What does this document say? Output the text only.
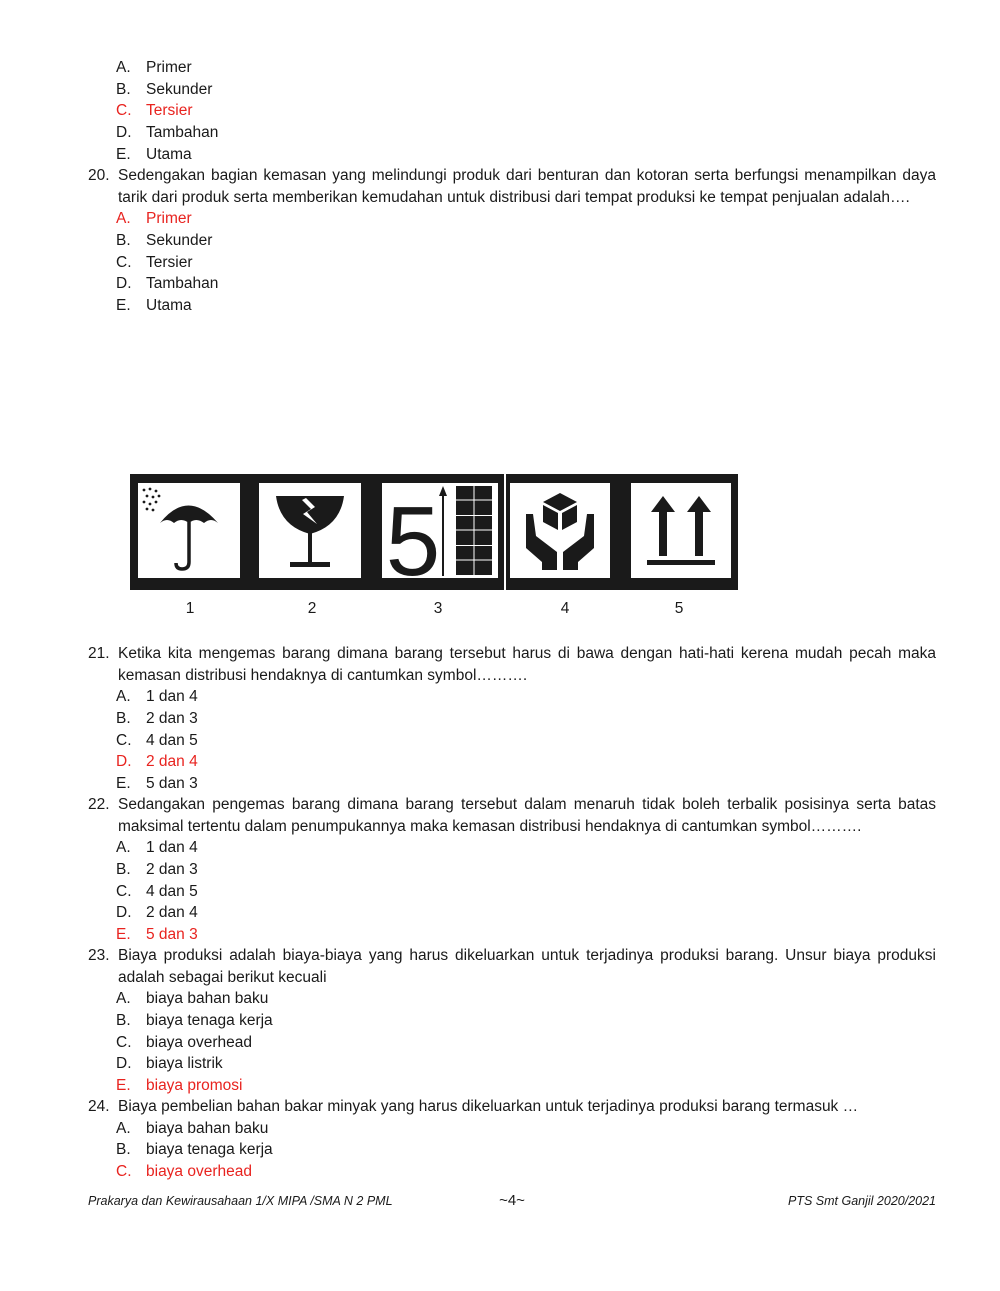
A. Primer
B. Sekunder
C. Tersier
D. Tambahan
E. Utama
20. Sedengakan bagian kemasan yang melindungi produk dari benturan dan kotoran serta berfungsi menampilkan daya tarik dari produk serta memberikan kemudahan untuk distribusi dari tempat produksi ke tempat penjualan adalah….
A. Primer
B. Sekunder
C. Tersier
D. Tambahan
E. Utama
5
1	2	3	4	5
21. Ketika kita mengemas barang dimana barang tersebut harus di bawa dengan hati-hati kerena mudah pecah maka kemasan distribusi hendaknya di cantumkan symbol……….
A. 1 dan 4
B. 2 dan 3
C. 4 dan 5
D. 2 dan 4
E. 5 dan 3
22. Sedangakan pengemas barang dimana barang tersebut dalam menaruh tidak boleh terbalik posisinya serta batas maksimal tertentu dalam penumpukannya maka kemasan distribusi hendaknya di cantumkan symbol……….
A. 1 dan 4
B. 2 dan 3
C. 4 dan 5
D. 2 dan 4
E. 5 dan 3
23. Biaya produksi adalah biaya-biaya yang harus dikeluarkan untuk terjadinya produksi barang. Unsur biaya produksi adalah sebagai berikut kecuali
A. biaya bahan baku
B. biaya tenaga kerja
C. biaya overhead
D. biaya listrik
E. biaya promosi
24. Biaya pembelian bahan bakar minyak yang harus dikeluarkan untuk terjadinya produksi barang termasuk …
A. biaya bahan baku
B. biaya tenaga kerja
C. biaya overhead
Prakarya dan Kewirausahaan 1/X MIPA /SMA N 2 PML	~4~	PTS Smt Ganjil 2020/2021
